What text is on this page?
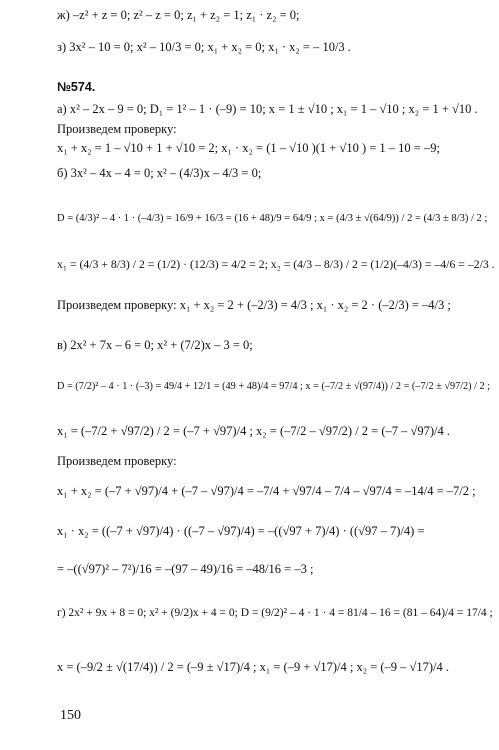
ж) –z² + z = 0; z² – z = 0; z₁ + z₂ = 1; z₁ · z₂ = 0;
з) 3x² – 10 = 0; x² – 10/3 = 0; x₁ + x₂ = 0; x₁ · x₂ = – 10/3 .
№574.
а) x² – 2x – 9 = 0; D₁ = 1² – 1 · (–9) = 10; x = 1 ± √10 ; x₁ = 1 – √10 ; x₂ = 1 + √10 .
Произведем проверку:
x₁ + x₂ = 1 – √10 + 1 + √10 = 2; x₁ · x₂ = (1 – √10 )(1 + √10 ) = 1 – 10 = –9;
б) 3x² – 4x – 4 = 0; x² – (4/3)x – 4/3 = 0;
D = (4/3)² – 4 · 1 · (–4/3) = 16/9 + 16/3 = (16 + 48)/9 = 64/9 ; x = (4/3 ± √(64/9)) / 2 = (4/3 ± 8/3) / 2 ;
x₁ = (4/3 + 8/3) / 2 = (1/2) · (12/3) = 4/2 = 2; x₂ = (4/3 – 8/3) / 2 = (1/2)(–4/3) = –4/6 = –2/3 .
Произведем проверку: x₁ + x₂ = 2 + (–2/3) = 4/3 ; x₁ · x₂ = 2 · (–2/3) = –4/3 ;
в) 2x² + 7x – 6 = 0; x² + (7/2)x – 3 = 0;
D = (7/2)² – 4 · 1 · (–3) = 49/4 + 12/1 = (49 + 48)/4 = 97/4 ; x = (–7/2 ± √(97/4)) / 2 = (–7/2 ± √97/2) / 2 ;
x₁ = (–7/2 + √97/2) / 2 = (–7 + √97)/4 ; x₂ = (–7/2 – √97/2) / 2 = (–7 – √97)/4 .
Произведем проверку:
x₁ + x₂ = (–7 + √97)/4 + (–7 – √97)/4 = –7/4 + √97/4 – 7/4 – √97/4 = –14/4 = –7/2 ;
x₁ · x₂ = ((–7 + √97)/4) · ((–7 – √97)/4) = –((√97 + 7)/4) · ((√97 – 7)/4) =
= –((√97)² – 7²)/16 = –(97 – 49)/16 = –48/16 = –3 ;
г) 2x² + 9x + 8 = 0; x² + (9/2)x + 4 = 0; D = (9/2)² – 4 · 1 · 4 = 81/4 – 16 = (81 – 64)/4 = 17/4 ;
x = (–9/2 ± √(17/4)) / 2 = (–9 ± √17)/4 ; x₁ = (–9 + √17)/4 ; x₂ = (–9 – √17)/4 .
150
